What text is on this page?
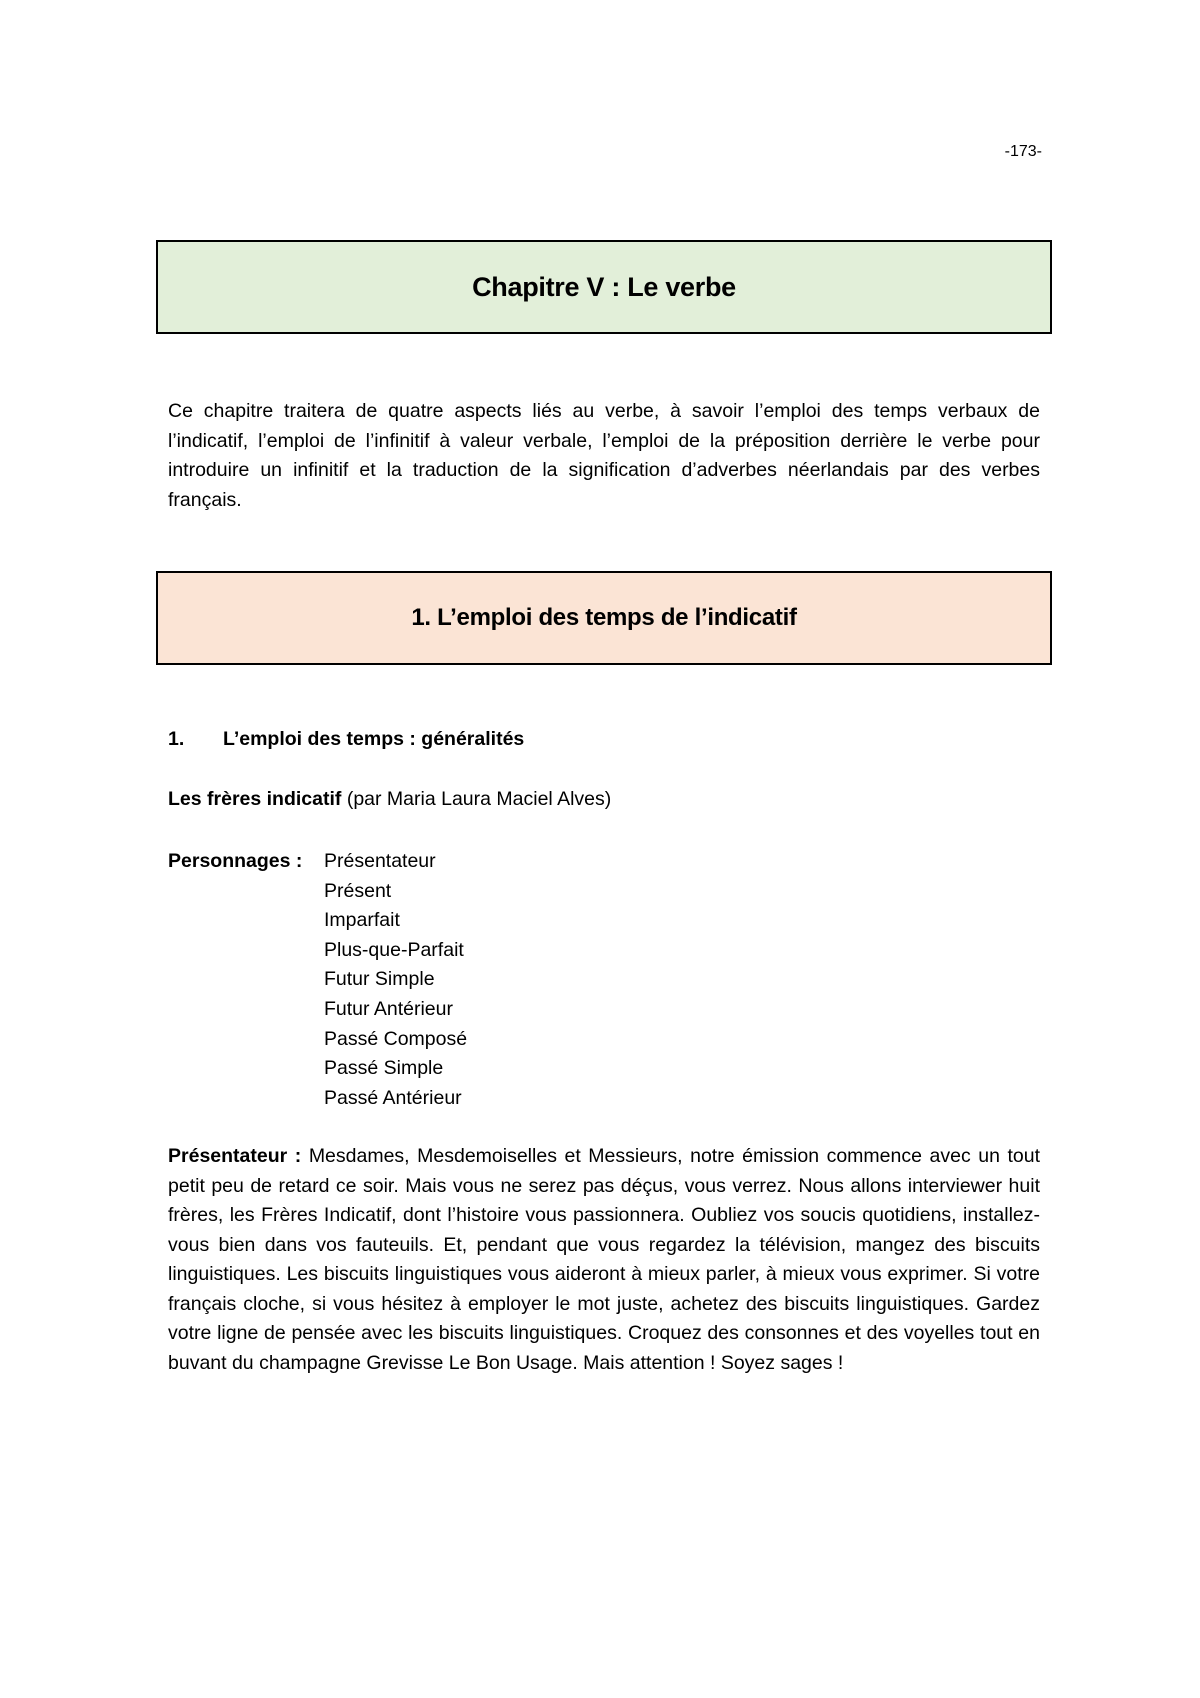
-173-
Chapitre V : Le verbe

Ce chapitre traitera de quatre aspects liés au verbe, à savoir l’emploi des temps verbaux de l’indicatif, l’emploi de l’infinitif à valeur verbale, l’emploi de la préposition derrière le verbe pour introduire un infinitif et la traduction de la signification d’adverbes néerlandais par des verbes français.

1. L’emploi des temps de l’indicatif
1.	L’emploi des temps : généralités
Les frères indicatif (par Maria Laura Maciel Alves)
Personnages :	Présentateur
Présent
Imparfait
Plus-que-Parfait
Futur Simple
Futur Antérieur
Passé Composé
Passé Simple
Passé Antérieur

Présentateur : Mesdames, Mesdemoiselles et Messieurs, notre émission commence avec un tout petit peu de retard ce soir. Mais vous ne serez pas déçus, vous verrez. Nous allons interviewer huit frères, les Frères Indicatif, dont l’histoire vous passionnera. Oubliez vos soucis quotidiens, installez-vous bien dans vos fauteuils. Et, pendant que vous regardez la télévision, mangez des biscuits linguistiques. Les biscuits linguistiques vous aideront à mieux parler, à mieux vous exprimer. Si votre français cloche, si vous hésitez à employer le mot juste, achetez des biscuits linguistiques. Gardez votre ligne de pensée avec les biscuits linguistiques. Croquez des consonnes et des voyelles tout en buvant du champagne Grevisse Le Bon Usage. Mais attention ! Soyez sages !
